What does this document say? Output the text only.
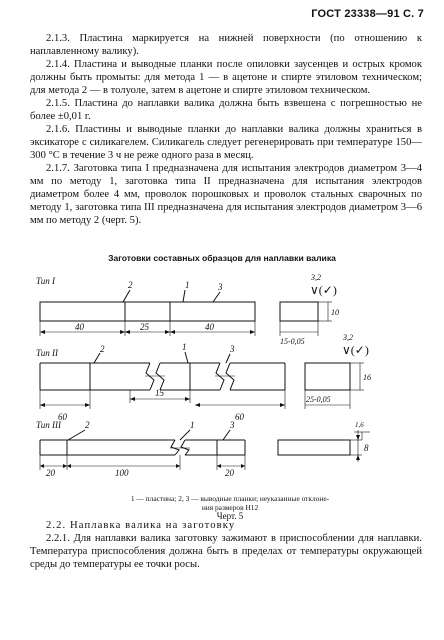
ГОСТ 23338—91 С. 7

2.1.3. Пластина маркируется на нижней поверхности (по отношению к наплавленному валику).

2.1.4. Пластина и выводные планки после опиловки заусенцев и острых кромок должны быть промыты: для метода 1 — в ацетоне и спирте этиловом техническом; для метода 2 — в толуоле, затем в ацетоне и спирте этиловом техническом.

2.1.5. Пластина до наплавки валика должна быть взвешена с погрешностью не более ±0,01 г.

2.1.6. Пластины и выводные планки до наплавки валика должны храниться в эксикаторе с силикагелем. Силикагель следует регенерировать при температуре 150—300 °С в течение 3 ч не реже одного раза в месяц.

2.1.7. Заготовка типа I предназначена для испытания электродов диаметром 3—4 мм по методу 1, заготовка типа II предназначена для испытания электродов диаметром более 4 мм, проволок порошковых и проволок стальных сварочных по методу 1, заготовка типа III предназначена для испытания электродов диаметром 3—6 мм по методу 2 (черт. 5).

Заготовки составных образцов для наплавки валика
Тип I	2	1	3
40	25	40
15-0,05
10
3,2
∨(✓)
Тип II	2	1	3
60
15
60
25-0,05
16
3,2
∨(✓)
Тип III	2	1	3
20	100	20
8
1,6

1 — пластина; 2, 3 — выводные планки; неуказанные отклоне-

ния размеров Н12

Черт. 5

2.2. Наплавка валика на заготовку

2.2.1. Для наплавки валика заготовку зажимают в приспособлении для наплавки. Температура приспособления должна быть в пределах от температуры окружающей среды до температуры ее точки росы.
